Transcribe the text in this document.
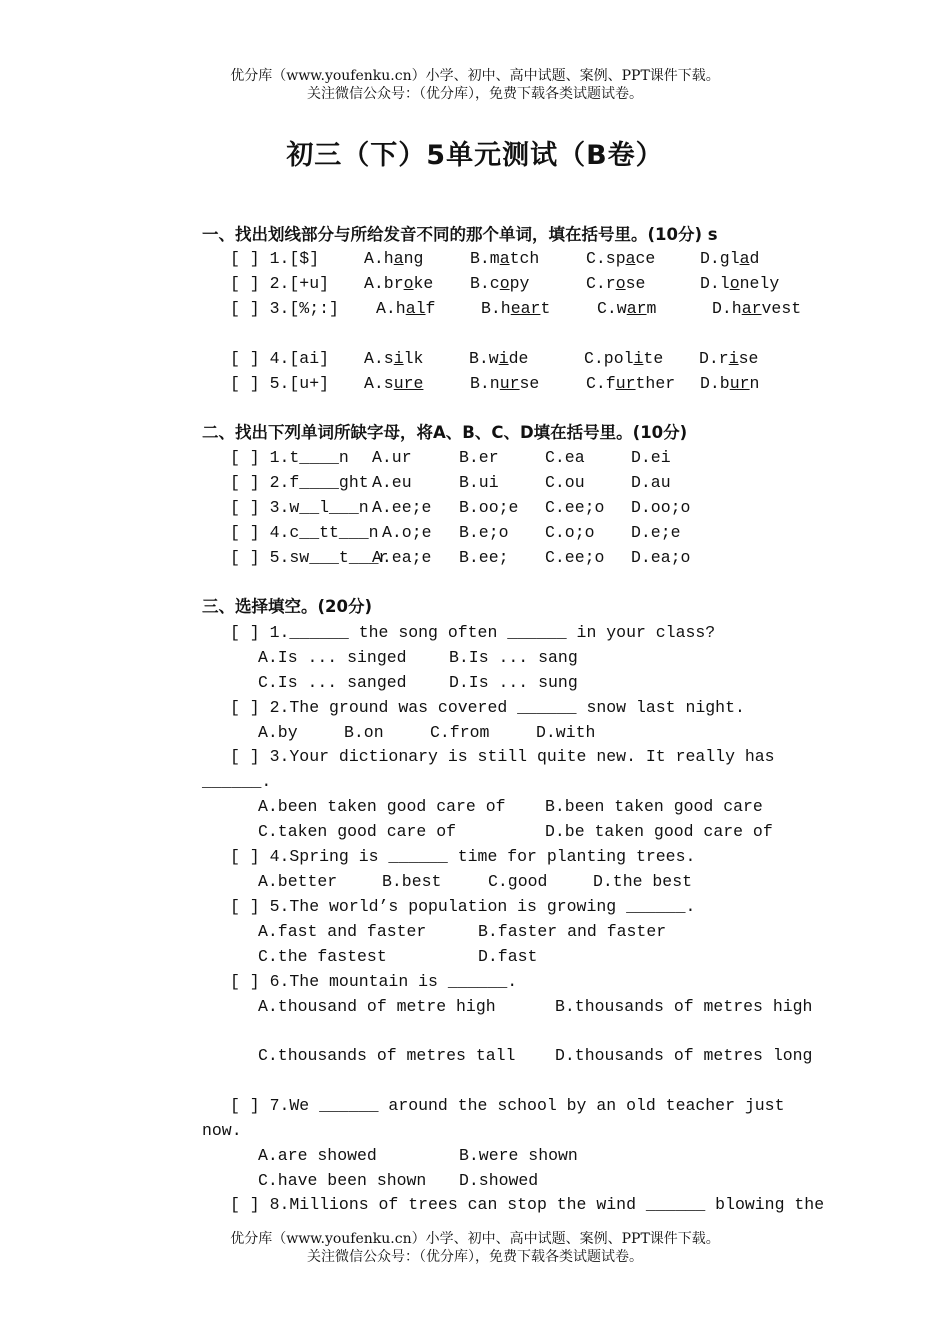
优分库（www.youfenku.cn）小学、初中、高中试题、案例、PPT课件下载。
关注微信公众号：（优分库），免费下载各类试题试卷。
初三（下）5单元测试（B卷）
一、找出划线部分与所给发音不同的那个单词，填在括号里。(10分) s
[ ] 1.[$]	A.hang	B.match	C.space	D.glad
[ ] 2.[+u] A.broke B.copy	C.rose	D.lonely
[ ] 3.[%;:] A.half	B.heart	C.warm	D.harvest
[ ] 4.[ai] A.silk	B.wide	C.polite D.rise
[ ] 5.[u+] A.sure	B.nurse	C.further D.burn
二、找出下列单词所缺字母，将A、B、C、D填在括号里。(10分)
[ ] 1.t____n A.ur	B.er	C.ea	D.ei
[ ] 2.f____ght A.eu	B.ui	C.ou	D.au
[ ] 3.w__l___n A.ee;e B.oo;e C.ee;o D.oo;o
[ ] 4.c__tt___n A.o;e B.e;o C.o;o D.e;e
[ ] 5.sw___t___r
A.ea;e B.ee; C.ee;o D.ea;o
三、选择填空。(20分)
[ ] 1.______ the song often ______ in your class?
A.Is ... singed	B.Is ... sang
C.Is ... sanged	D.Is ... sung
[ ] 2.The ground was covered ______ snow last night.
A.by	B.on	C.from	D.with
[ ] 3.Your dictionary is still quite new. It really has
______.
A.been taken good care of B.been taken good care
C.taken good care of	D.be taken good care of
[ ] 4.Spring is ______ time for planting trees.
A.better	B.best	C.good	D.the best
[ ] 5.The world’s population is growing ______.
A.fast and faster	B.faster and faster
C.the fastest	D.fast
[ ] 6.The mountain is ______.
A.thousand of metre high	B.thousands of metres high
C.thousands of metres tall D.thousands of metres long
[ ] 7.We ______ around the school by an old teacher just
now.
A.are showed	B.were shown
C.have been shown D.showed
[ ] 8.Millions of trees can stop the wind ______ blowing the
优分库（www.youfenku.cn）小学、初中、高中试题、案例、PPT课件下载。
关注微信公众号：（优分库），免费下载各类试题试卷。
